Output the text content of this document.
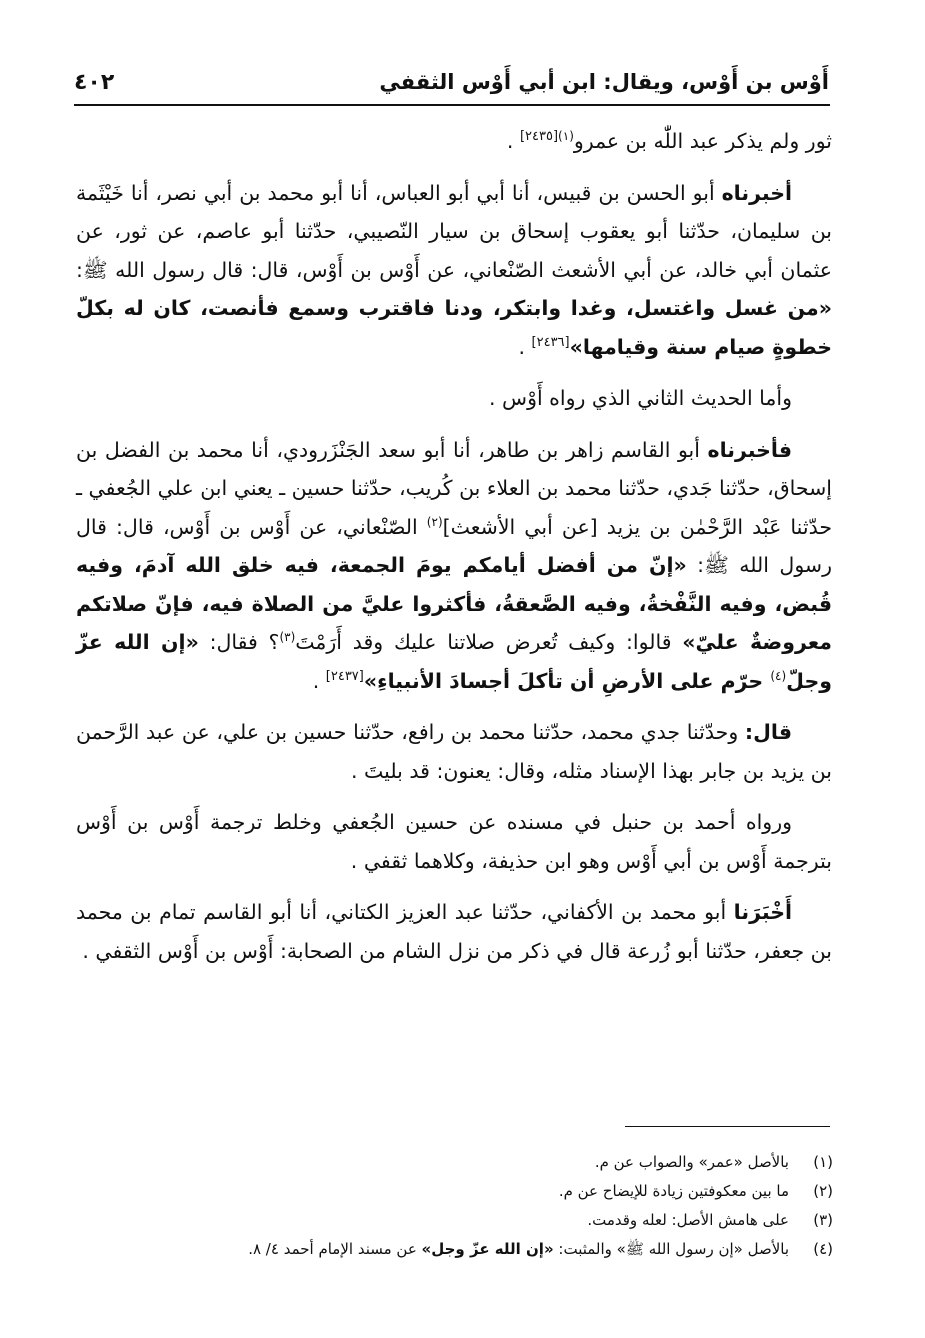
أَوْس بن أَوْس، ويقال: ابن أبي أَوْس الثقفي
٤٠٢

ثور ولم يذكر عبد اللّٰه بن عمرو$^{(١)[٢٤٣٥]}$ .

أخبرناه أبو الحسن بن قبيس، أنا أبي أبو العباس، أنا أبو محمد بن أبي نصر، أنا خَيْثَمة بن سليمان، حدّثنا أبو يعقوب إسحاق بن سيار النّصيبي، حدّثنا أبو عاصم، عن ثور، عن عثمان أبي خالد، عن أبي الأشعث الصّنْعاني، عن أَوْس بن أَوْس، قال: قال رسول الله ﷺ: «من غسل واغتسل، وغدا وابتكر، ودنا فاقترب وسمع فأنصت، كان له بكلّ خطوةٍ صيام سنة وقيامها»[٢٤٣٦] .

وأما الحديث الثاني الذي رواه أَوْس .

فأخبرناه أبو القاسم زاهر بن طاهر، أنا أبو سعد الجَنْزَرودي، أنا محمد بن الفضل بن إسحاق، حدّثنا جَدي، حدّثنا محمد بن العلاء بن كُريب، حدّثنا حسين ـ يعني ابن علي الجُعفي ـ حدّثنا عَبْد الرَّحْمٰن بن يزيد [عن أبي الأشعث]$^{(٢)}$ الصّنْعاني، عن أَوْس بن أَوْس، قال: قال رسول الله ﷺ: «إنّ من أفضل أيامكم يومَ الجمعة، فيه خلق الله آدمَ، وفيه قُبض، وفيه النَّفْخةُ، وفيه الصَّعقةُ، فأكثروا عليَّ من الصلاة فيه، فإنّ صلاتكم معروضةٌ عليّ» قالوا: وكيف تُعرض صلاتنا عليك وقد أَرَمْتَ$^{(٣)}$؟ فقال: «إن الله عزّ وجلّ$^{(٤)}$ حرّم على الأرضِ أن تأكلَ أجسادَ الأنبياءِ»[٢٤٣٧] .

قال: وحدّثنا جدي محمد، حدّثنا محمد بن رافع، حدّثنا حسين بن علي، عن عبد الرَّحمن بن يزيد بن جابر بهذا الإسناد مثله، وقال: يعنون: قد بليتَ .

ورواه أحمد بن حنبل في مسنده عن حسين الجُعفي وخلط ترجمة أَوْس بن أَوْس بترجمة أَوْس بن أبي أَوْس وهو ابن حذيفة، وكلاهما ثقفي .

أَخْبَرَنا أبو محمد بن الأكفاني، حدّثنا عبد العزيز الكتاني، أنا أبو القاسم تمام بن محمد بن جعفر، حدّثنا أبو زُرعة قال في ذكر من نزل الشام من الصحابة: أَوْس بن أَوْس الثقفي .

(١)
بالأصل «عمر» والصواب عن م.
(٢)
ما بين معكوفتين زيادة للإيضاح عن م.
(٣)
على هامش الأصل: لعله وقدمت.
(٤)
بالأصل «إن رسول الله ﷺ» والمثبت: «إن الله عزّ وجل» عن مسند الإمام أحمد ٤/ ٨.
